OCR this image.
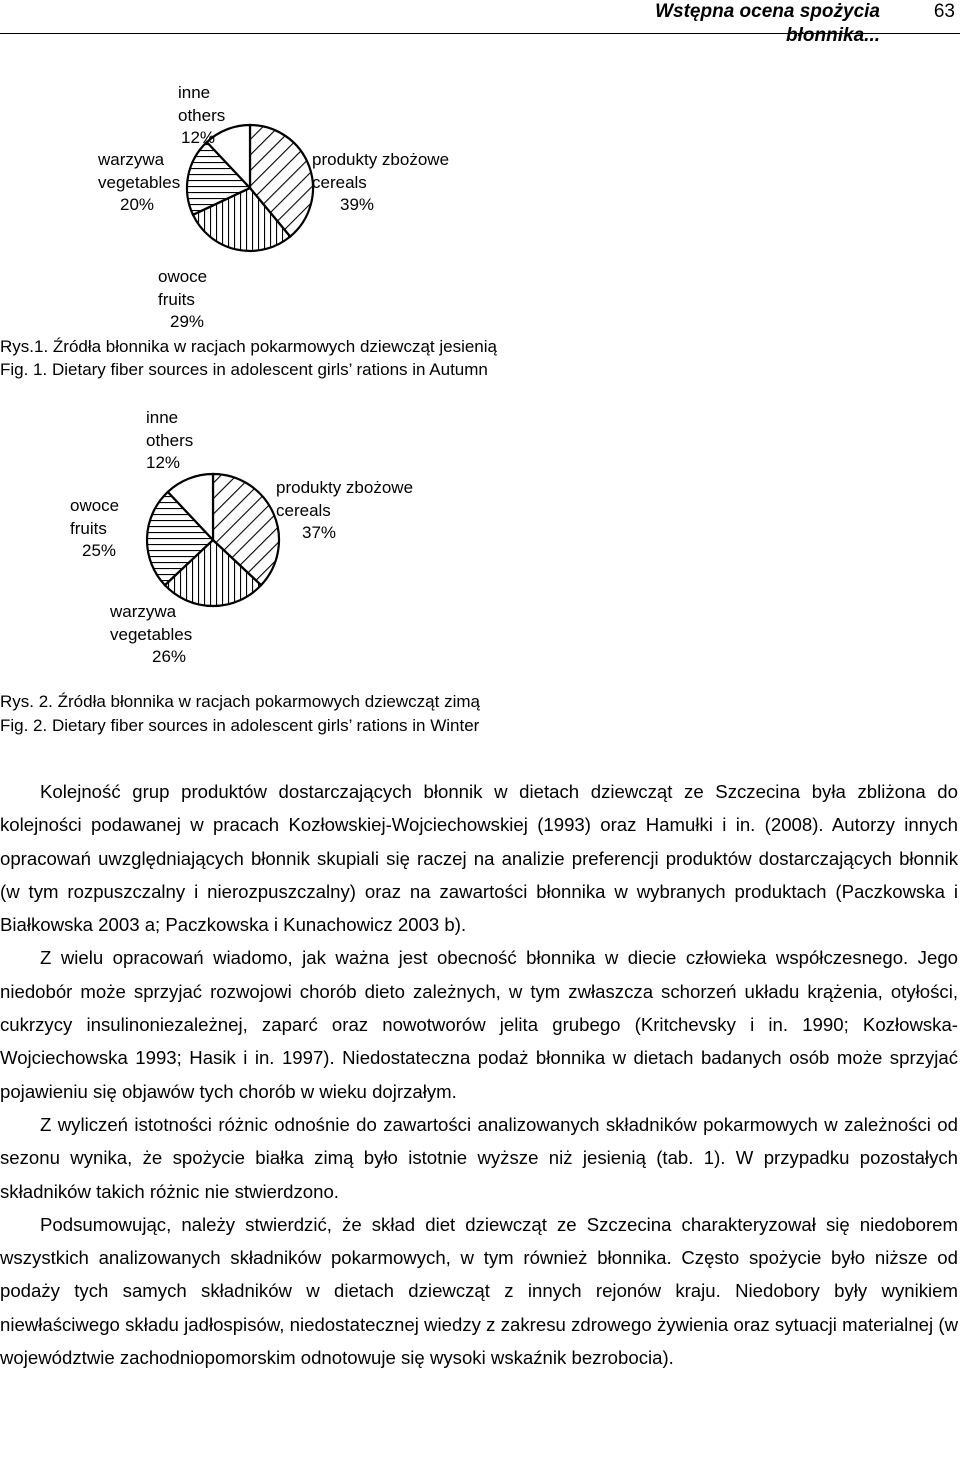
Wstępna ocena spożycia błonnika...
63
inne
others
12%
warzywa
vegetables
20%
produkty zbożowe
cereals
39%
owoce
fruits
29%
Rys.1. Źródła błonnika w racjach pokarmowych dziewcząt jesienią
Fig. 1. Dietary fiber sources in adolescent girls’ rations in Autumn
inne
others
12%
owoce
fruits
25%
produkty zbożowe
cereals
37%
warzywa
vegetables
26%
Rys. 2. Źródła błonnika w racjach pokarmowych dziewcząt zimą
Fig. 2. Dietary fiber sources in adolescent girls’ rations in Winter

Kolejność grup produktów dostarczających błonnik w dietach dziewcząt ze Szczecina była zbliżona do kolejności podawanej w pracach Kozłowskiej-Wojciechowskiej (1993) oraz Hamułki i in. (2008). Autorzy innych opracowań uwzględniających błonnik skupiali się raczej na analizie preferencji produktów dostarczających błonnik (w tym rozpuszczalny i nierozpuszczalny) oraz na zawartości błonnika w wybranych produktach (Paczkowska i Białkowska 2003 a; Paczkowska i Kunachowicz 2003 b).

Z wielu opracowań wiadomo, jak ważna jest obecność błonnika w diecie człowieka współczesnego. Jego niedobór może sprzyjać rozwojowi chorób dieto zależnych, w tym zwłaszcza schorzeń układu krążenia, otyłości, cukrzycy insulinoniezależnej, zaparć oraz nowotworów jelita grubego (Kritchevsky i in. 1990; Kozłowska-Wojciechowska 1993; Hasik i in. 1997). Niedostateczna podaż błonnika w dietach badanych osób może sprzyjać pojawieniu się objawów tych chorób w wieku dojrzałym.

Z wyliczeń istotności różnic odnośnie do zawartości analizowanych składników pokarmowych w zależności od sezonu wynika, że spożycie białka zimą było istotnie wyższe niż jesienią (tab. 1). W przypadku pozostałych składników takich różnic nie stwierdzono.

Podsumowując, należy stwierdzić, że skład diet dziewcząt ze Szczecina charakteryzował się niedoborem wszystkich analizowanych składników pokarmowych, w tym również błonnika. Często spożycie było niższe od podaży tych samych składników w dietach dziewcząt z innych rejonów kraju. Niedobory były wynikiem niewłaściwego składu jadłospisów, niedostatecznej wiedzy z zakresu zdrowego żywienia oraz sytuacji materialnej (w województwie zachodniopomorskim odnotowuje się wysoki wskaźnik bezrobocia).
